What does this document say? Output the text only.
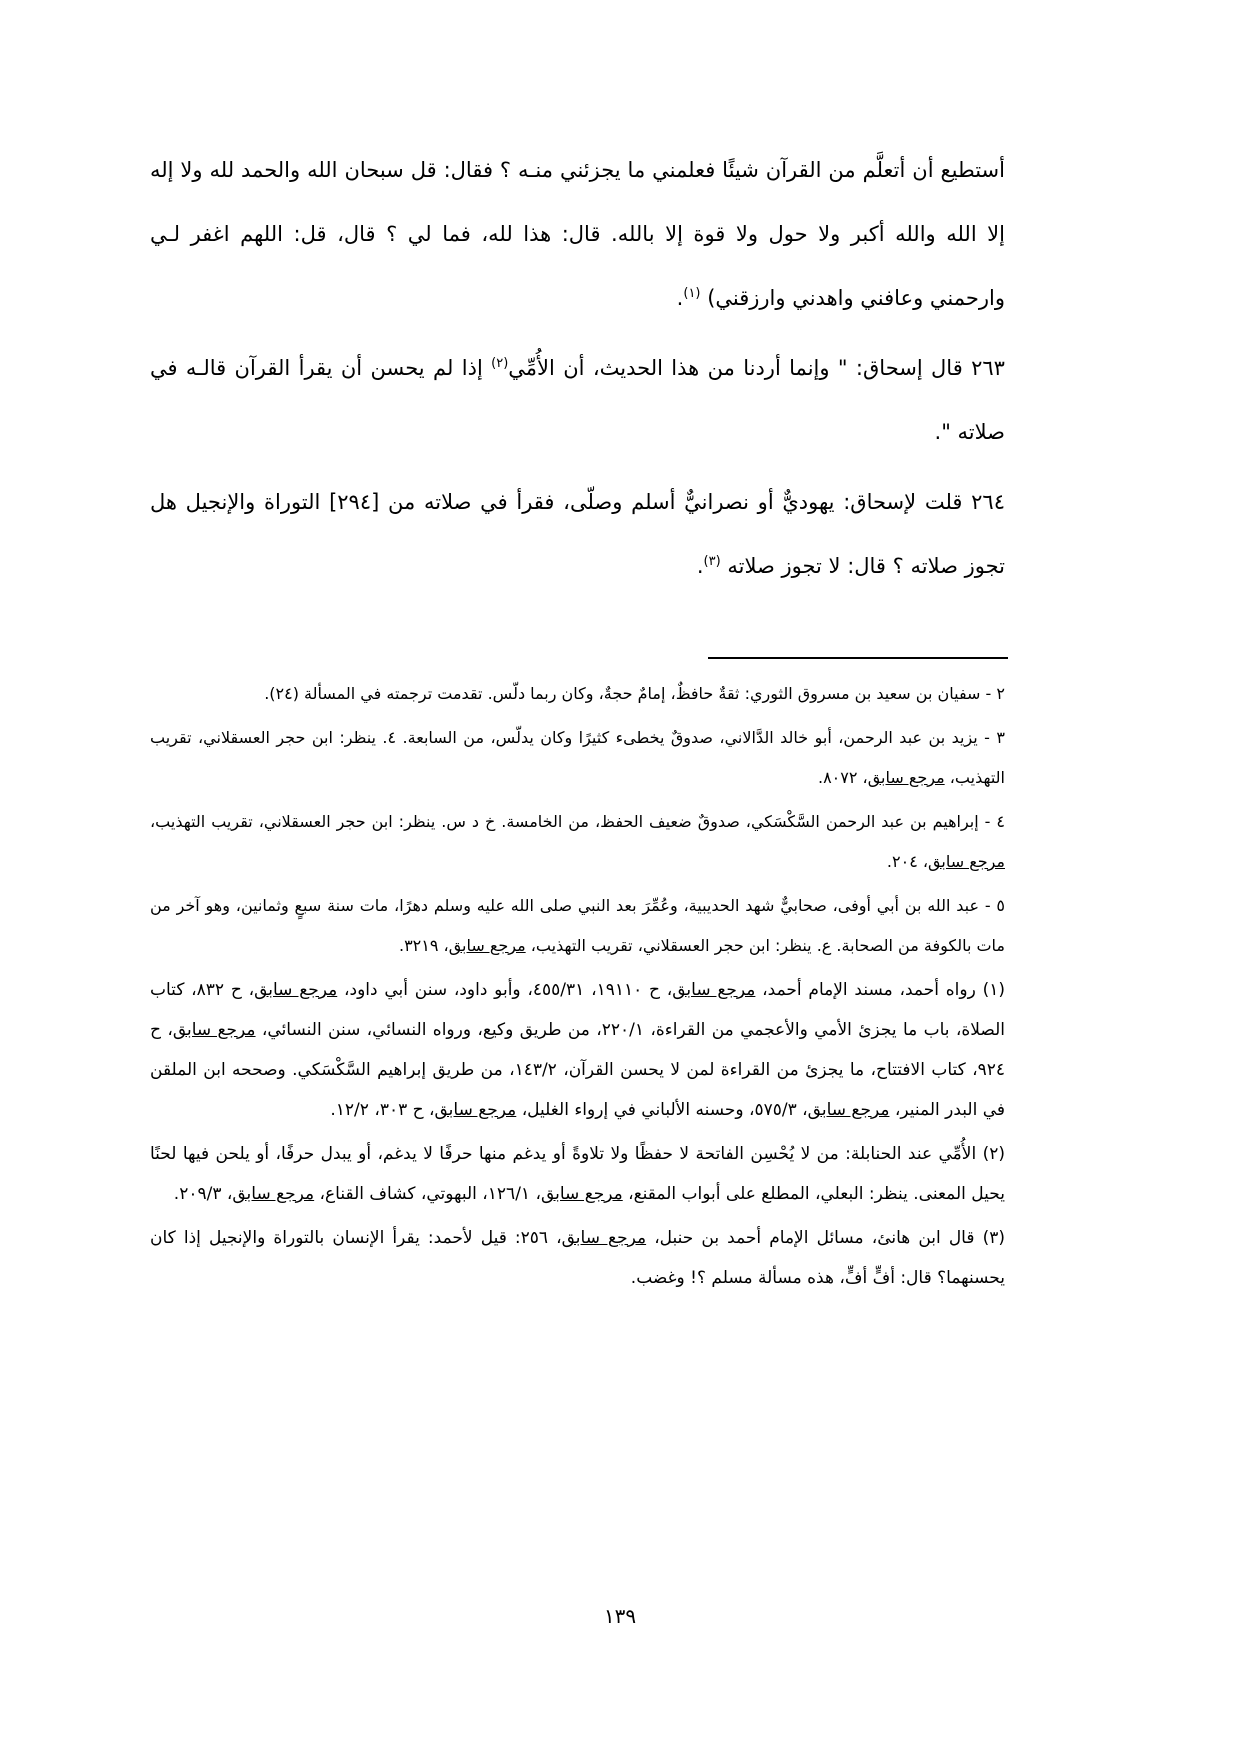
أستطيع أن أتعلَّم من القرآن شيئًا فعلمني ما يجزئني منـه ؟ فقال: قل سبحان الله والحمد لله ولا إله إلا الله والله أكبر ولا حول ولا قوة إلا بالله. قال: هذا لله، فما لي ؟ قال، قل: اللهم اغفر لـي وارحمني وعافني واهدني وارزقني) $^{(١)}$.

٢٦٣ قال إسحاق: " وإنما أردنا من هذا الحديث، أن الأُمِّي$^{(٢)}$ إذا لم يحسن أن يقرأ القرآن قالـه في صلاته ".

٢٦٤ قلت لإسحاق: يهوديٌّ أو نصرانيٌّ أسلم وصلّى، فقرأ في صلاته من [٢٩٤] التوراة والإنجيل هل تجوز صلاته ؟ قال: لا تجوز صلاته $^{(٣)}$.

٢ - سفيان بن سعيد بن مسروق الثوري: ثقةٌ حافظٌ، إمامٌ حجةٌ، وكان ربما دلّس. تقدمت ترجمته في المسألة (٢٤).

٣ - يزيد بن عبد الرحمن، أبو خالد الدَّالاني، صدوقٌ يخطىء كثيرًا وكان يدلّس، من السابعة. ٤. ينظر: ابن حجر العسقلاني، تقريب التهذيب، مرجع سابق، ٨٠٧٢.

٤ - إبراهيم بن عبد الرحمن السَّكْسَكي، صدوقٌ ضعيف الحفظ، من الخامسة. خ د س. ينظر: ابن حجر العسقلاني، تقريب التهذيب، مرجع سابق، ٢٠٤.

٥ - عبد الله بن أبي أوفى، صحابيٌّ شهد الحديبية، وعُمِّرَ بعد النبي صلى الله عليه وسلم دهرًا، مات سنة سبعٍ وثمانين، وهو آخر من مات بالكوفة من الصحابة. ع. ينظر: ابن حجر العسقلاني، تقريب التهذيب، مرجع سابق، ٣٢١٩.

(١) رواه أحمد، مسند الإمام أحمد، مرجع سابق، ح ١٩١١٠، ٤٥٥/٣١، وأبو داود، سنن أبي داود، مرجع سابق، ح ٨٣٢، كتاب الصلاة، باب ما يجزئ الأمي والأعجمي من القراءة، ٢٢٠/١، من طريق وكيع، ورواه النسائي، سنن النسائي، مرجع سابق، ح ٩٢٤، كتاب الافتتاح، ما يجزئ من القراءة لمن لا يحسن القرآن، ١٤٣/٢، من طريق إبراهيم السَّكْسَكي. وصححه ابن الملقن في البدر المنير، مرجع سابق، ٥٧٥/٣، وحسنه الألباني في إرواء الغليل، مرجع سابق، ح ٣٠٣، ١٢/٢.

(٢) الأُمِّي عند الحنابلة: من لا يُحْسِن الفاتحة لا حفظًا ولا تلاوةً أو يدغم منها حرفًا لا يدغم، أو يبدل حرفًا، أو يلحن فيها لحنًا يحيل المعنى. ينظر: البعلي، المطلع على أبواب المقنع، مرجع سابق، ١٢٦/١، البهوتي، كشاف القناع، مرجع سابق، ٢٠٩/٣.

(٣) قال ابن هانئ، مسائل الإمام أحمد بن حنبل، مرجع سابق، ٢٥٦: قيل لأحمد: يقرأ الإنسان بالتوراة والإنجيل إذا كان يحسنهما؟ قال: أفٍّ أفٍّ، هذه مسألة مسلم ؟! وغضب.

١٣٩
